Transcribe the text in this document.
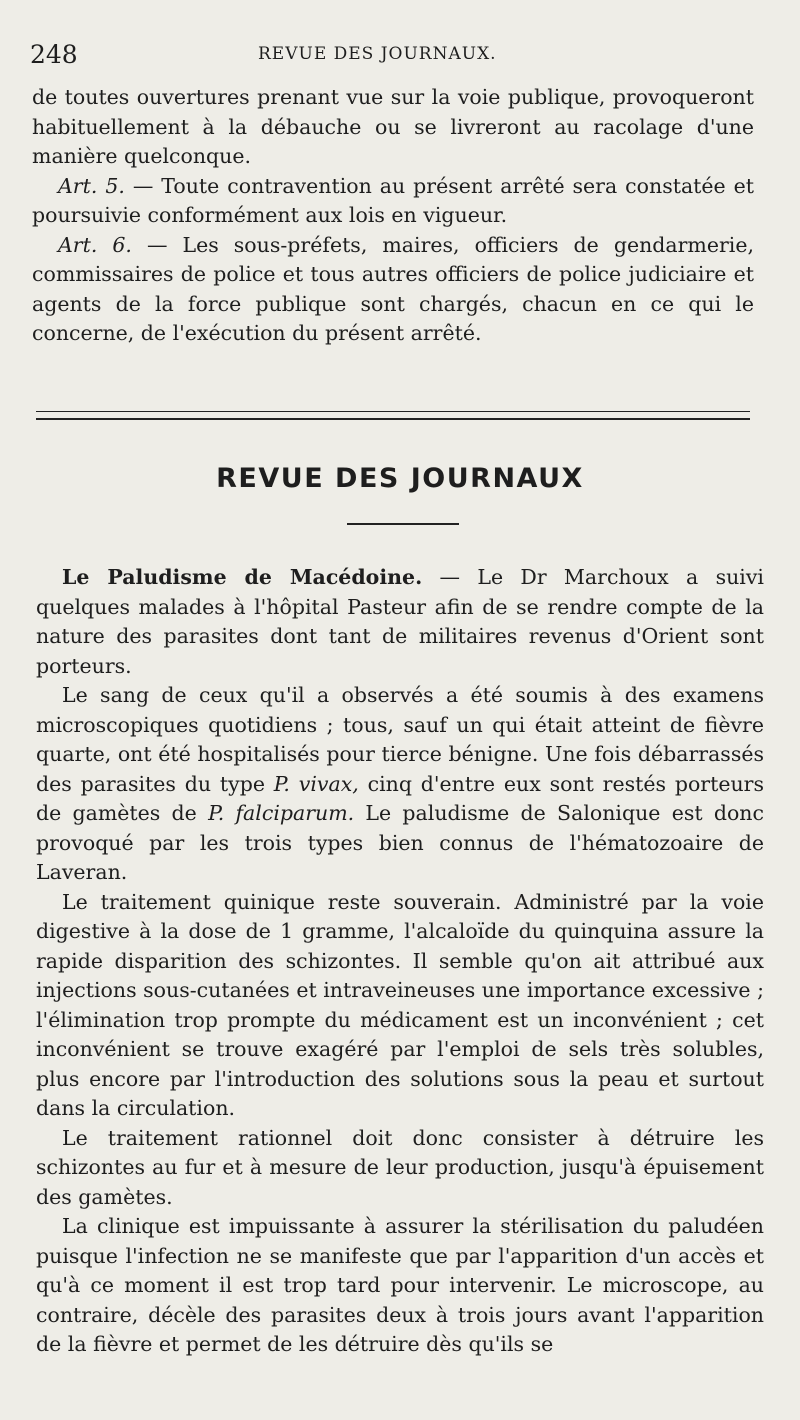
248	REVUE DES JOURNAUX.

de toutes ouvertures prenant vue sur la voie publique, provoqueront habituellement à la débauche ou se livreront au racolage d'une manière quelconque.

Art. 5. — Toute contravention au présent arrêté sera constatée et poursuivie conformément aux lois en vigueur.

Art. 6. — Les sous-préfets, maires, officiers de gendarmerie, commissaires de police et tous autres officiers de police judiciaire et agents de la force publique sont chargés, chacun en ce qui le concerne, de l'exécution du présent arrêté.

REVUE DES JOURNAUX

Le Paludisme de Macédoine. — Le Dr Marchoux a suivi quelques malades à l'hôpital Pasteur afin de se rendre compte de la nature des parasites dont tant de militaires revenus d'Orient sont porteurs.

Le sang de ceux qu'il a observés a été soumis à des examens microscopiques quotidiens ; tous, sauf un qui était atteint de fièvre quarte, ont été hospitalisés pour tierce bénigne. Une fois débarrassés des parasites du type P. vivax, cinq d'entre eux sont restés porteurs de gamètes de P. falciparum. Le paludisme de Salonique est donc provoqué par les trois types bien connus de l'hématozoaire de Laveran.

Le traitement quinique reste souverain. Administré par la voie digestive à la dose de 1 gramme, l'alcaloïde du quinquina assure la rapide disparition des schizontes. Il semble qu'on ait attribué aux injections sous-cutanées et intraveineuses une importance excessive ; l'élimination trop prompte du médicament est un inconvénient ; cet inconvénient se trouve exagéré par l'emploi de sels très solubles, plus encore par l'introduction des solutions sous la peau et surtout dans la circulation.

Le traitement rationnel doit donc consister à détruire les schizontes au fur et à mesure de leur production, jusqu'à épuisement des gamètes.

La clinique est impuissante à assurer la stérilisation du paludéen puisque l'infection ne se manifeste que par l'apparition d'un accès et qu'à ce moment il est trop tard pour intervenir. Le microscope, au contraire, décèle des parasites deux à trois jours avant l'apparition de la fièvre et permet de les détruire dès qu'ils se
